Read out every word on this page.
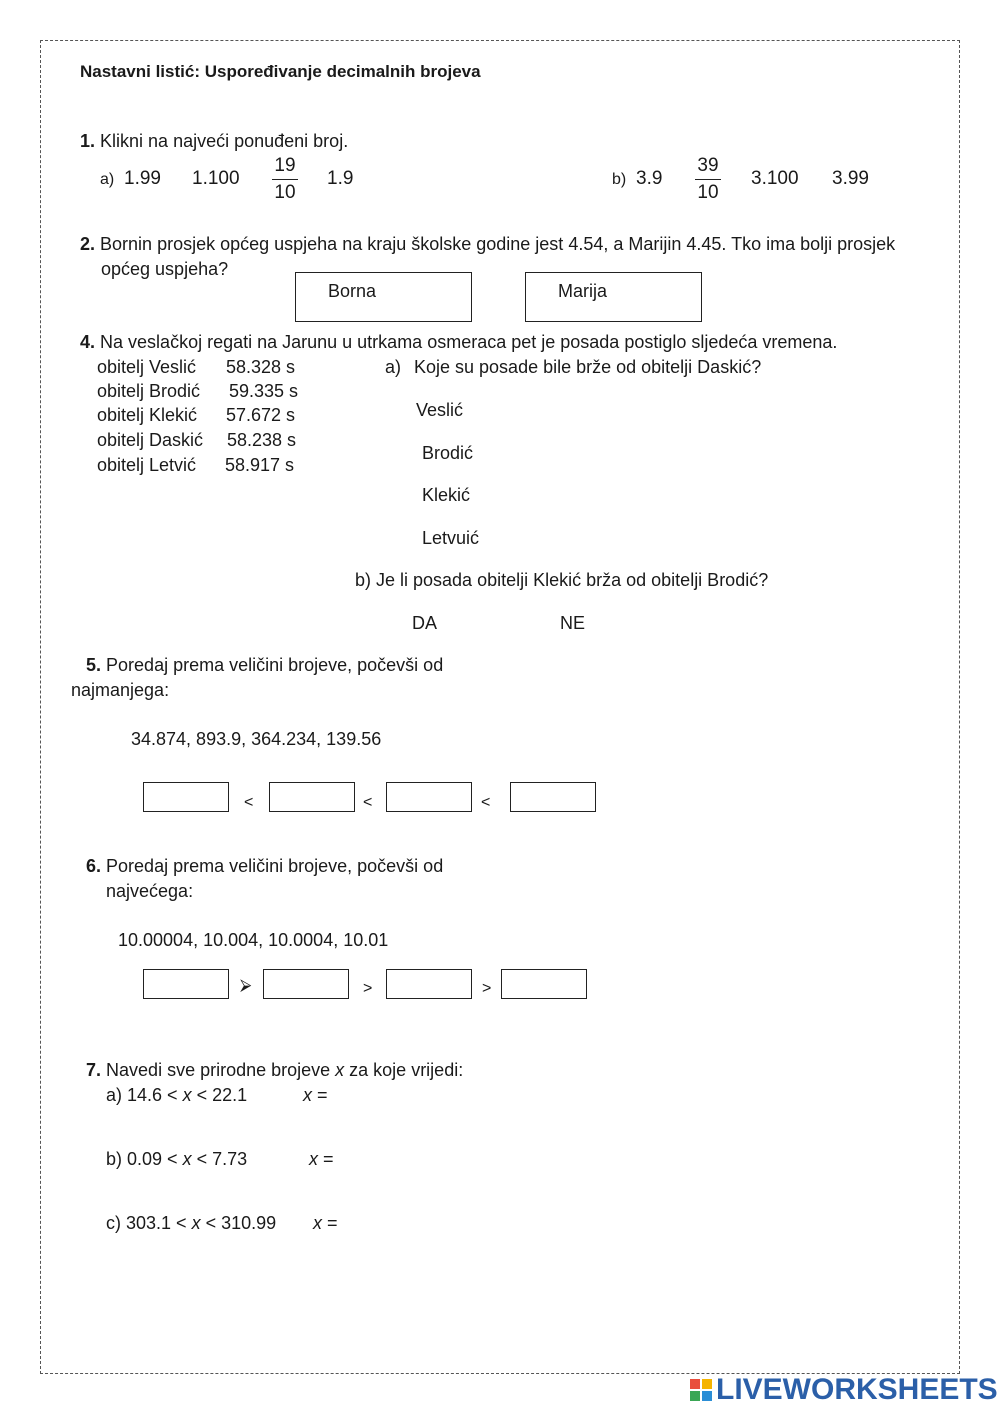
Nastavni listić: Uspoređivanje decimalnih brojeva
1. Klikni na najveći ponuđeni broj.
a) 1.99 1.100
19
10
1.9	b) 3.9
39
10
3.100 3.99
2. Bornin prosjek općeg uspjeha na kraju školske godine jest 4.54, a Marijin 4.45. Tko ima bolji prosjek
općeg uspjeha?
Borna	Marija
4. Na veslačkoj regati na Jarunu u utrkama osmeraca pet je posada postiglo sljedeća vremena.
obitelj Veslić 58.328 s
obitelj Brodić 59.335 s
obitelj Klekić 57.672 s
obitelj Daskić 58.238 s
obitelj Letvić 58.917 s
a) Koje su posade bile brže od obitelji Daskić?
Veslić
Brodić
Klekić
Letvuić
b) Je li posada obitelji Klekić brža od obitelji Brodić?
DA	NE
5. Poredaj prema veličini brojeve, počevši od
najmanjega:
34.874, 893.9, 364.234, 139.56
<	<	<
6. Poredaj prema veličini brojeve, počevši od
najvećega:
10.00004, 10.004, 10.0004, 10.01
⮚	>	>
7. Navedi sve prirodne brojeve x za koje vrijedi:
a) 14.6 < x < 22.1	x =
b) 0.09 < x < 7.73	x =
c) 303.1 < x < 310.99 x =
LIVEWORKSHEETS
